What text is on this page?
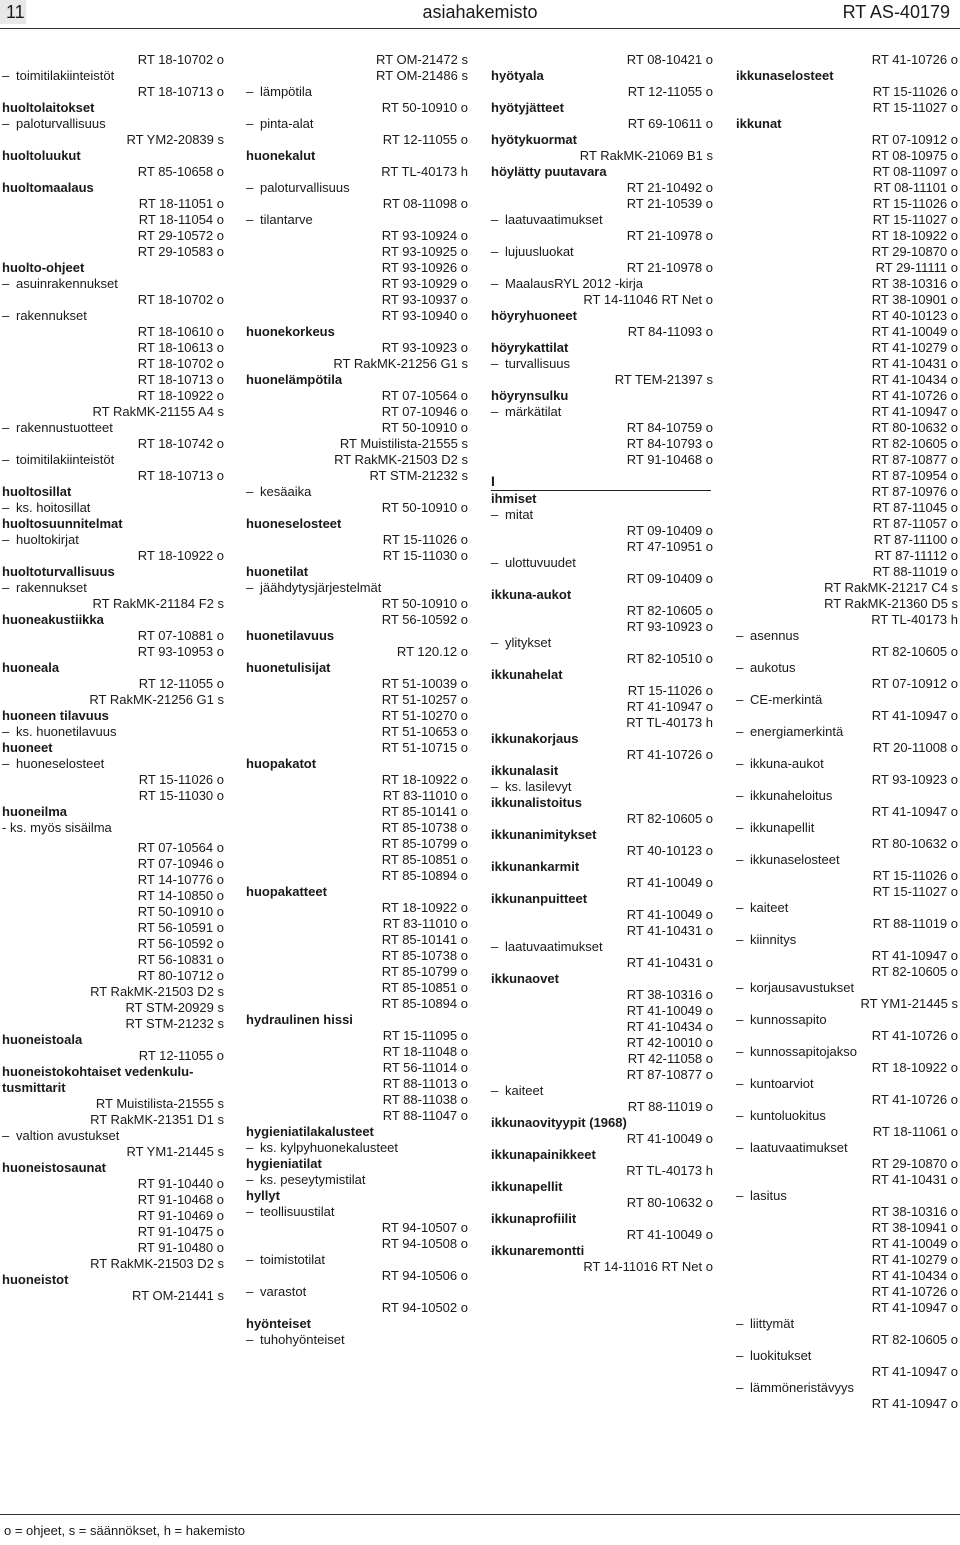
11	asiahakemisto	RT AS-40179
RT 18-10702 o
– toimitilakiinteistöt
RT 18-10713 o
huoltolaitokset
– paloturvallisuus
RT YM2-20839 s
huoltoluukut
RT 85-10658 o
huoltomaalaus
RT 18-11051 o
RT 18-11054 o
RT 29-10572 o
RT 29-10583 o
huolto-ohjeet
– asuinrakennukset
RT 18-10702 o
– rakennukset
RT 18-10610 o
RT 18-10613 o
RT 18-10702 o
RT 18-10713 o
RT 18-10922 o
RT RakMK-21155 A4 s
– rakennustuotteet
RT 18-10742 o
– toimitilakiinteistöt
RT 18-10713 o
huoltosillat
– ks. hoitosillat
huoltosuunnitelmat
– huoltokirjat
RT 18-10922 o
huoltoturvallisuus
– rakennukset
RT RakMK-21184 F2 s
huoneakustiikka
RT 07-10881 o
RT 93-10953 o
huoneala
RT 12-11055 o
RT RakMK-21256 G1 s
huoneen tilavuus
– ks. huonetilavuus
huoneet
– huoneselosteet
RT 15-11026 o
RT 15-11030 o
huoneilma
- ks. myös sisäilma
RT 07-10564 o
RT 07-10946 o
RT 14-10776 o
RT 14-10850 o
RT 50-10910 o
RT 56-10591 o
RT 56-10592 o
RT 56-10831 o
RT 80-10712 o
RT RakMK-21503 D2 s
RT STM-20929 s
RT STM-21232 s
huoneistoala
RT 12-11055 o
huoneistokohtaiset vedenkulu-
tusmittarit
RT Muistilista-21555 s
RT RakMK-21351 D1 s
– valtion avustukset
RT YM1-21445 s
huoneistosaunat
RT 91-10440 o
RT 91-10468 o
RT 91-10469 o
RT 91-10475 o
RT 91-10480 o
RT RakMK-21503 D2 s
huoneistot
RT OM-21441 s
RT OM-21472 s
RT OM-21486 s
– lämpötila
RT 50-10910 o
– pinta-alat
RT 12-11055 o
huonekalut
RT TL-40173 h
– paloturvallisuus
RT 08-11098 o
– tilantarve
RT 93-10924 o
RT 93-10925 o
RT 93-10926 o
RT 93-10929 o
RT 93-10937 o
RT 93-10940 o
huonekorkeus
RT 93-10923 o
RT RakMK-21256 G1 s
huonelämpötila
RT 07-10564 o
RT 07-10946 o
RT 50-10910 o
RT Muistilista-21555 s
RT RakMK-21503 D2 s
RT STM-21232 s
– kesäaika
RT 50-10910 o
huoneselosteet
RT 15-11026 o
RT 15-11030 o
huonetilat
– jäähdytysjärjestelmät
RT 50-10910 o
RT 56-10592 o
huonetilavuus
RT 120.12 o
huonetulisijat
RT 51-10039 o
RT 51-10257 o
RT 51-10270 o
RT 51-10653 o
RT 51-10715 o
huopakatot
RT 18-10922 o
RT 83-11010 o
RT 85-10141 o
RT 85-10738 o
RT 85-10799 o
RT 85-10851 o
RT 85-10894 o
huopakatteet
RT 18-10922 o
RT 83-11010 o
RT 85-10141 o
RT 85-10738 o
RT 85-10799 o
RT 85-10851 o
RT 85-10894 o
hydraulinen hissi
RT 15-11095 o
RT 18-11048 o
RT 56-11014 o
RT 88-11013 o
RT 88-11038 o
RT 88-11047 o
hygieniatilakalusteet
– ks. kylpyhuonekalusteet
hygieniatilat
– ks. peseytymistilat
hyllyt
– teollisuustilat
RT 94-10507 o
RT 94-10508 o
– toimistotilat
RT 94-10506 o
– varastot
RT 94-10502 o
hyönteiset
– tuhohyönteiset
RT 08-10421 o
hyötyala
RT 12-11055 o
hyötyjätteet
RT 69-10611 o
hyötykuormat
RT RakMK-21069 B1 s
höylätty puutavara
RT 21-10492 o
RT 21-10539 o
– laatuvaatimukset
RT 21-10978 o
– lujuusluokat
RT 21-10978 o
– MaalausRYL 2012 -kirja
RT 14-11046 RT Net o
höyryhuoneet
RT 84-11093 o
höyrykattilat
– turvallisuus
RT TEM-21397 s
höyrynsulku
– märkätilat
RT 84-10759 o
RT 84-10793 o
RT 91-10468 o
I
ihmiset
– mitat
RT 09-10409 o
RT 47-10951 o
– ulottuvuudet
RT 09-10409 o
ikkuna-aukot
RT 82-10605 o
RT 93-10923 o
– ylitykset
RT 82-10510 o
ikkunahelat
RT 15-11026 o
RT 41-10947 o
RT TL-40173 h
ikkunakorjaus
RT 41-10726 o
ikkunalasit
– ks. lasilevyt
ikkunalistoitus
RT 82-10605 o
ikkunanimitykset
RT 40-10123 o
ikkunankarmit
RT 41-10049 o
ikkunanpuitteet
RT 41-10049 o
RT 41-10431 o
– laatuvaatimukset
RT 41-10431 o
ikkunaovet
RT 38-10316 o
RT 41-10049 o
RT 41-10434 o
RT 42-10010 o
RT 42-11058 o
RT 87-10877 o
– kaiteet
RT 88-11019 o
ikkunaovityypit (1968)
RT 41-10049 o
ikkunapainikkeet
RT TL-40173 h
ikkunapellit
RT 80-10632 o
ikkunaprofiilit
RT 41-10049 o
ikkunaremontti
RT 14-11016 RT Net o
RT 41-10726 o
ikkunaselosteet
RT 15-11026 o
RT 15-11027 o
ikkunat
RT 07-10912 o
RT 08-10975 o
RT 08-11097 o
RT 08-11101 o
RT 15-11026 o
RT 15-11027 o
RT 18-10922 o
RT 29-10870 o
RT 29-11111 o
RT 38-10316 o
RT 38-10901 o
RT 40-10123 o
RT 41-10049 o
RT 41-10279 o
RT 41-10431 o
RT 41-10434 o
RT 41-10726 o
RT 41-10947 o
RT 80-10632 o
RT 82-10605 o
RT 87-10877 o
RT 87-10954 o
RT 87-10976 o
RT 87-11045 o
RT 87-11057 o
RT 87-11100 o
RT 87-11112 o
RT 88-11019 o
RT RakMK-21217 C4 s
RT RakMK-21360 D5 s
RT TL-40173 h
– asennus
RT 82-10605 o
– aukotus
RT 07-10912 o
– CE-merkintä
RT 41-10947 o
– energiamerkintä
RT 20-11008 o
– ikkuna-aukot
RT 93-10923 o
– ikkunaheloitus
RT 41-10947 o
– ikkunapellit
RT 80-10632 o
– ikkunaselosteet
RT 15-11026 o
RT 15-11027 o
– kaiteet
RT 88-11019 o
– kiinnitys
RT 41-10947 o
RT 82-10605 o
– korjausavustukset
RT YM1-21445 s
– kunnossapito
RT 41-10726 o
– kunnossapitojakso
RT 18-10922 o
– kuntoarviot
RT 41-10726 o
– kuntoluokitus
RT 18-11061 o
– laatuvaatimukset
RT 29-10870 o
RT 41-10431 o
– lasitus
RT 38-10316 o
RT 38-10941 o
RT 41-10049 o
RT 41-10279 o
RT 41-10434 o
RT 41-10726 o
RT 41-10947 o
– liittymät
RT 82-10605 o
– luokitukset
RT 41-10947 o
– lämmöneristävyys
RT 41-10947 o
o = ohjeet, s = säännökset, h = hakemisto
